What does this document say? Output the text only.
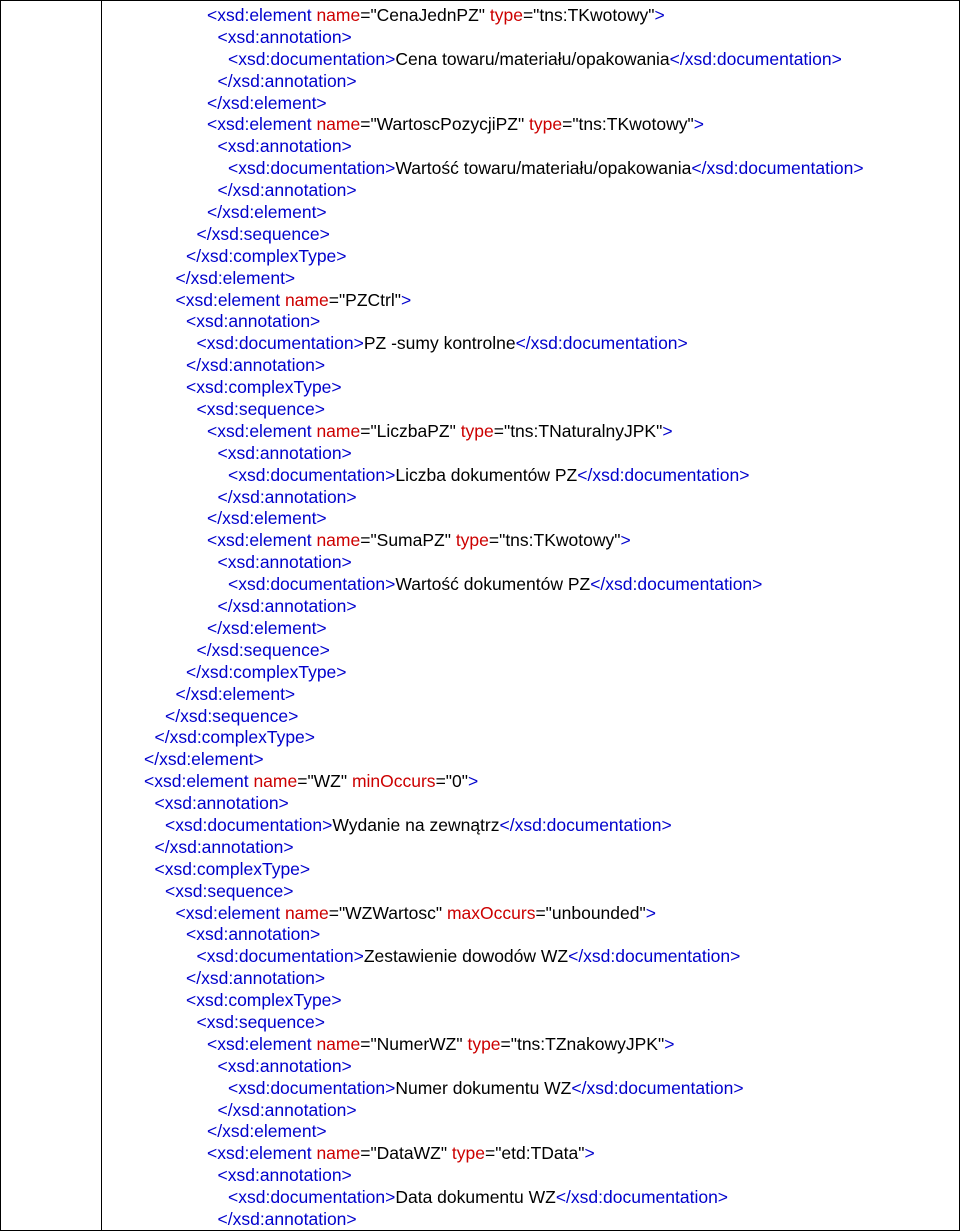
<xsd:element name="CenaJednPZ" type="tns:TKwotowy">
<xsd:annotation>
<xsd:documentation>Cena towaru/materiału/opakowania</xsd:documentation>
</xsd:annotation>
</xsd:element>
<xsd:element name="WartoscPozycjiPZ" type="tns:TKwotowy">
<xsd:annotation>
<xsd:documentation>Wartość towaru/materiału/opakowania</xsd:documentation>
</xsd:annotation>
</xsd:element>
</xsd:sequence>
</xsd:complexType>
</xsd:element>
<xsd:element name="PZCtrl">
<xsd:annotation>
<xsd:documentation>PZ -sumy kontrolne</xsd:documentation>
</xsd:annotation>
<xsd:complexType>
<xsd:sequence>
<xsd:element name="LiczbaPZ" type="tns:TNaturalnyJPK">
<xsd:annotation>
<xsd:documentation>Liczba dokumentów PZ</xsd:documentation>
</xsd:annotation>
</xsd:element>
<xsd:element name="SumaPZ" type="tns:TKwotowy">
<xsd:annotation>
<xsd:documentation>Wartość dokumentów PZ</xsd:documentation>
</xsd:annotation>
</xsd:element>
</xsd:sequence>
</xsd:complexType>
</xsd:element>
</xsd:sequence>
</xsd:complexType>
</xsd:element>
<xsd:element name="WZ" minOccurs="0">
<xsd:annotation>
<xsd:documentation>Wydanie na zewnątrz</xsd:documentation>
</xsd:annotation>
<xsd:complexType>
<xsd:sequence>
<xsd:element name="WZWartosc" maxOccurs="unbounded">
<xsd:annotation>
<xsd:documentation>Zestawienie dowodów WZ</xsd:documentation>
</xsd:annotation>
<xsd:complexType>
<xsd:sequence>
<xsd:element name="NumerWZ" type="tns:TZnakowyJPK">
<xsd:annotation>
<xsd:documentation>Numer dokumentu WZ</xsd:documentation>
</xsd:annotation>
</xsd:element>
<xsd:element name="DataWZ" type="etd:TData">
<xsd:annotation>
<xsd:documentation>Data dokumentu WZ</xsd:documentation>
</xsd:annotation>
